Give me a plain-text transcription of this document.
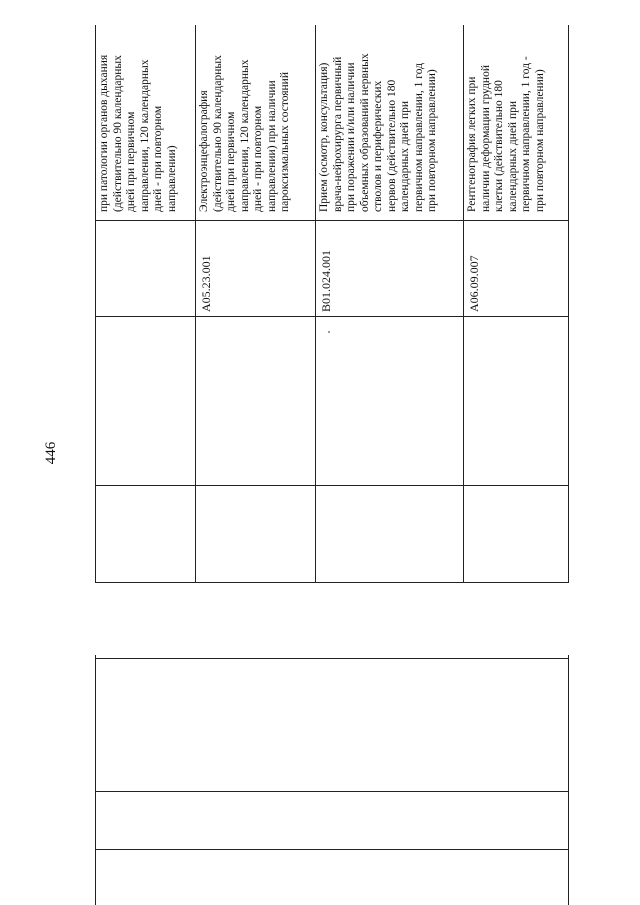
446
при патологии органов дыхания
(действительно 90 календарных
дней при первичном
направлении, 120 календарных
дней - при повторном
направлении) Электроэнцефалография
(действительно 90 календарных
дней при первичном
направлении, 120 календарных
дней - при повторном
направлении) при наличии
пароксизмальных состояний
A05.23.001
Прием (осмотр, консультация)
врача-нейрохирурга первичный
при поражении и/или наличии
объемных образований нервных
стволов и периферических
нервов (действительно 180
календарных дней при
первичном направлении, 1 год
при повторном направлении)
B01.024.001
Рентгенография легких при
наличии деформации грудной
клетки (действительно 180
календарных дней при
первичном направлении, 1 год -
при повторном направлении)
A06.09.007
